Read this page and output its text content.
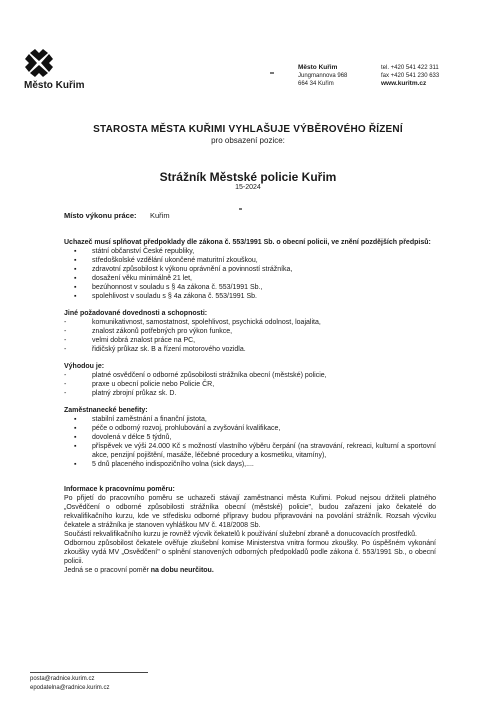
Město Kuřim
Město Kuřim
Jungmannova 968
664 34 Kuřim
tel. +420 541 422 311
fax +420 541 230 633
www.kuritm.cz
STAROSTA MĚSTA KUŘIMI VYHLAŠUJE VÝBĚROVÉHO ŘÍZENÍ
pro obsazení pozice:
Strážník Městské policie Kuřim
15-2024
Místo výkonu práce: Kuřim
Uchazeč musí splňovat předpoklady dle zákona č. 553/1991 Sb. o obecní policii, ve znění pozdějších předpisů:
▪ státní občanství České republiky,
▪ středoškolské vzdělání ukončené maturitní zkouškou,
▪ zdravotní způsobilost k výkonu oprávnění a povinností strážníka,
▪ dosažení věku minimálně 21 let,
▪ bezúhonnost v souladu s § 4a zákona č. 553/1991 Sb.,
▪ spolehlivost v souladu s § 4a zákona č. 553/1991 Sb.
Jiné požadované dovednosti a schopnosti:
- komunikativnost, samostatnost, spolehlivost, psychická odolnost, loajalita,
- znalost zákonů potřebných pro výkon funkce,
- velmi dobrá znalost práce na PC,
- řidičský průkaz sk. B a řízení motorového vozidla.
Výhodou je:
- platné osvědčení o odborné způsobilosti strážníka obecní (městské) policie,
- praxe u obecní policie nebo Policie ČR,
- platný zbrojní průkaz sk. D.
Zaměstnanecké benefity:
▪ stabilní zaměstnání a finanční jistota,
▪ péče o odborný rozvoj, prohlubování a zvyšování kvalifikace,
▪ dovolená v délce 5 týdnů,
▪ příspěvek ve výši 24.000 Kč s možností vlastního výběru čerpání (na stravování, rekreaci, kulturní a sportovní akce, penzijní pojištění, masáže, léčebné procedury a kosmetiku, vitamíny),
▪ 5 dnů placeného indispozičního volna (sick days),....
Informace k pracovnímu poměru:

Po přijetí do pracovního poměru se uchazeči stávají zaměstnanci města Kuřimi. Pokud nejsou držiteli platného „Osvědčení o odborné způsobilosti strážníka obecní (městské) policie", budou zařazeni jako čekatelé do rekvalifikačního kurzu, kde ve středisku odborné přípravy budou připravováni na povolání strážník. Rozsah výcviku čekatele a strážníka je stanoven vyhláškou MV č. 418/2008 Sb.

Součástí rekvalifikačního kurzu je rovněž výcvik čekatelů k používání služební zbraně a donucovacích prostředků.

Odbornou způsobilost čekatele ověřuje zkušební komise Ministerstva vnitra formou zkoušky. Po úspěšném vykonání zkoušky vydá MV „Osvědčení" o splnění stanovených odborných předpokladů podle zákona č. 553/1991 Sb., o obecní policii.

Jedná se o pracovní poměr na dobu neurčitou.

posta@radnice.kurim.cz
epodatelna@radnice.kurim.cz
